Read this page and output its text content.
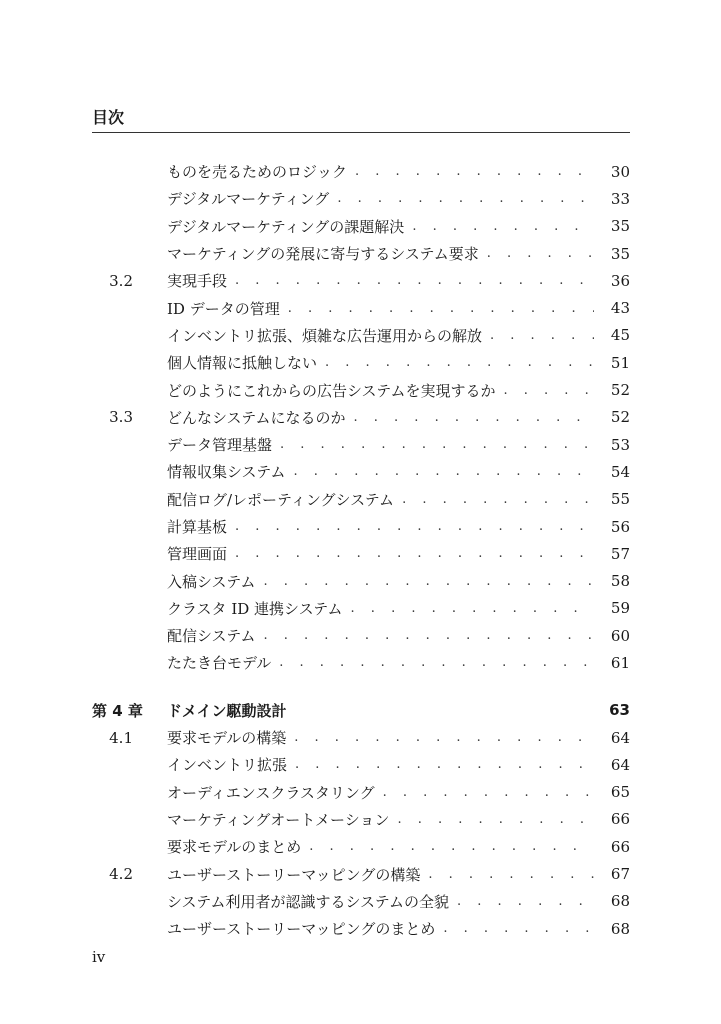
目次
ものを売るためのロジック . . .	30
デジタルマーケティング . . .	33
デジタルマーケティングの課題解決 . . .	35
マーケティングの発展に寄与するシステム要求 . . .	35
3.2	実現手段 . . .	36
ID データの管理 . . .	43
インベントリ拡張、煩雑な広告運用からの解放 . . .	45
個人情報に抵触しない . . .	51
どのようにこれからの広告システムを実現するか . . .	52
3.3	どんなシステムになるのか . . .	52
データ管理基盤 . . .	53
情報収集システム . . .	54
配信ログ/レポーティングシステム . . .	55
計算基板 . . .	56
管理画面 . . .	57
入稿システム . . .	58
クラスタ ID 連携システム . . .	59
配信システム . . .	60
たたき台モデル . . .	61
第 4 章	ドメイン駆動設計	63
4.1	要求モデルの構築 . . .	64
インベントリ拡張 . . .	64
オーディエンスクラスタリング . . .	65
マーケティングオートメーション . . .	66
要求モデルのまとめ . . .	66
4.2	ユーザーストーリーマッピングの構築 . . .	67
システム利用者が認識するシステムの全貌 . . .	68
ユーザーストーリーマッピングのまとめ . . .	68
iv
